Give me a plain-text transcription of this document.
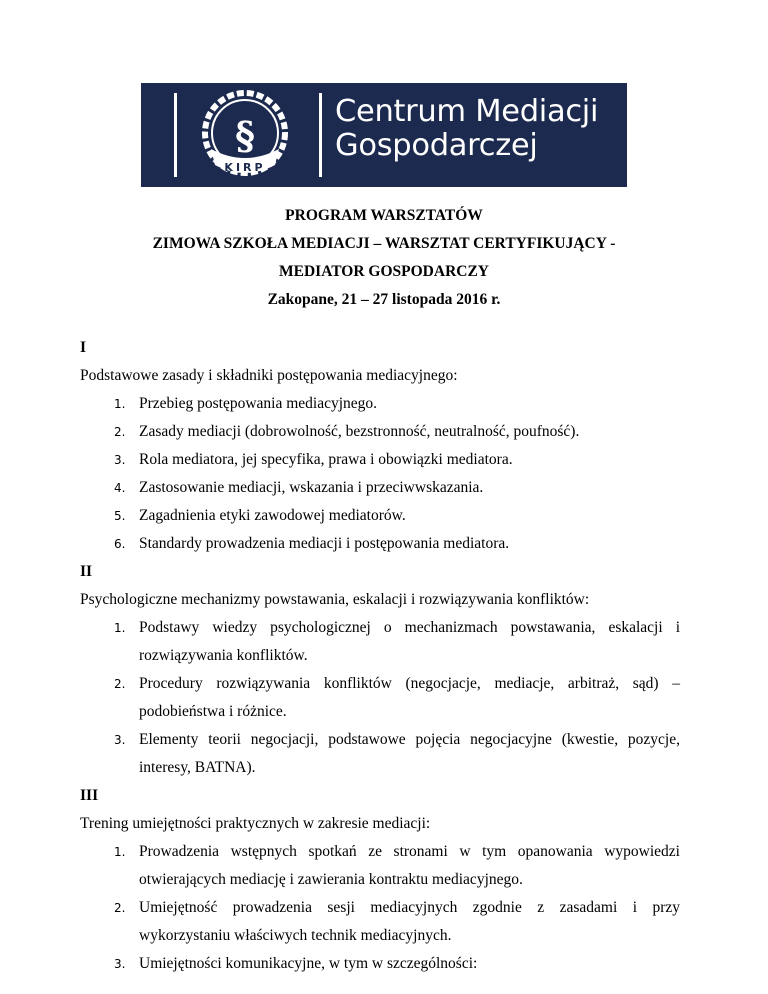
KIRP
§
Centrum Mediacji
Gospodarczej
PROGRAM WARSZTATÓW
ZIMOWA SZKOŁA MEDIACJI – WARSZTAT CERTYFIKUJĄCY -
MEDIATOR GOSPODARCZY
Zakopane, 21 – 27 listopada 2016 r.
I
Podstawowe zasady i składniki postępowania mediacyjnego:
1. Przebieg postępowania mediacyjnego.
2. Zasady mediacji (dobrowolność, bezstronność, neutralność, poufność).
3. Rola mediatora, jej specyfika, prawa i obowiązki mediatora.
4. Zastosowanie mediacji, wskazania i przeciwwskazania.
5. Zagadnienia etyki zawodowej mediatorów.
6. Standardy prowadzenia mediacji i postępowania mediatora.
II
Psychologiczne mechanizmy powstawania, eskalacji i rozwiązywania konfliktów:
1. Podstawy wiedzy psychologicznej o mechanizmach powstawania, eskalacji i
rozwiązywania konfliktów.
2. Procedury rozwiązywania konfliktów (negocjacje, mediacje, arbitraż, sąd) –
podobieństwa i różnice.
3. Elementy teorii negocjacji, podstawowe pojęcia negocjacyjne (kwestie, pozycje,
interesy, BATNA).
III
Trening umiejętności praktycznych w zakresie mediacji:
1. Prowadzenia wstępnych spotkań ze stronami w tym opanowania wypowiedzi
otwierających mediację i zawierania kontraktu mediacyjnego.
2. Umiejętność prowadzenia sesji mediacyjnych zgodnie z zasadami i przy
wykorzystaniu właściwych technik mediacyjnych.
3. Umiejętności komunikacyjne, w tym w szczególności:
